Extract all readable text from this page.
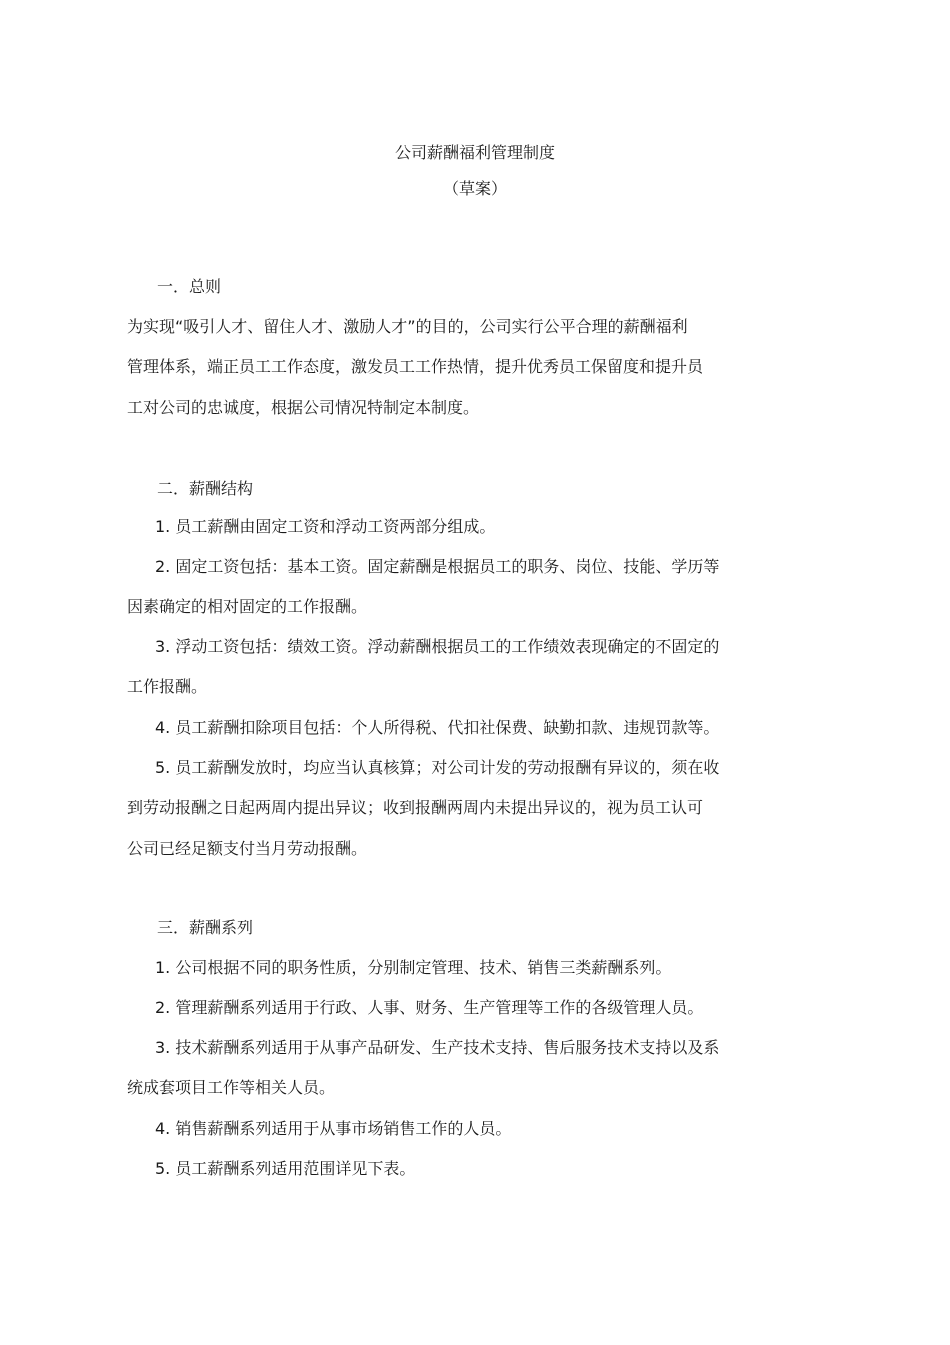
公司薪酬福利管理制度
（草案）
一．总则
为实现“吸引人才、留住人才、激励人才”的目的，公司实行公平合理的薪酬福利
管理体系，端正员工工作态度，激发员工工作热情，提升优秀员工保留度和提升员
工对公司的忠诚度，根据公司情况特制定本制度。
二．薪酬结构
1. 员工薪酬由固定工资和浮动工资两部分组成。
2. 固定工资包括：基本工资。固定薪酬是根据员工的职务、岗位、技能、学历等
因素确定的相对固定的工作报酬。
3. 浮动工资包括：绩效工资。浮动薪酬根据员工的工作绩效表现确定的不固定的
工作报酬。
4. 员工薪酬扣除项目包括：个人所得税、代扣社保费、缺勤扣款、违规罚款等。
5. 员工薪酬发放时，均应当认真核算；对公司计发的劳动报酬有异议的，须在收
到劳动报酬之日起两周内提出异议；收到报酬两周内未提出异议的，视为员工认可
公司已经足额支付当月劳动报酬。
三．薪酬系列
1. 公司根据不同的职务性质，分别制定管理、技术、销售三类薪酬系列。
2. 管理薪酬系列适用于行政、人事、财务、生产管理等工作的各级管理人员。
3. 技术薪酬系列适用于从事产品研发、生产技术支持、售后服务技术支持以及系
统成套项目工作等相关人员。
4. 销售薪酬系列适用于从事市场销售工作的人员。
5. 员工薪酬系列适用范围详见下表。
